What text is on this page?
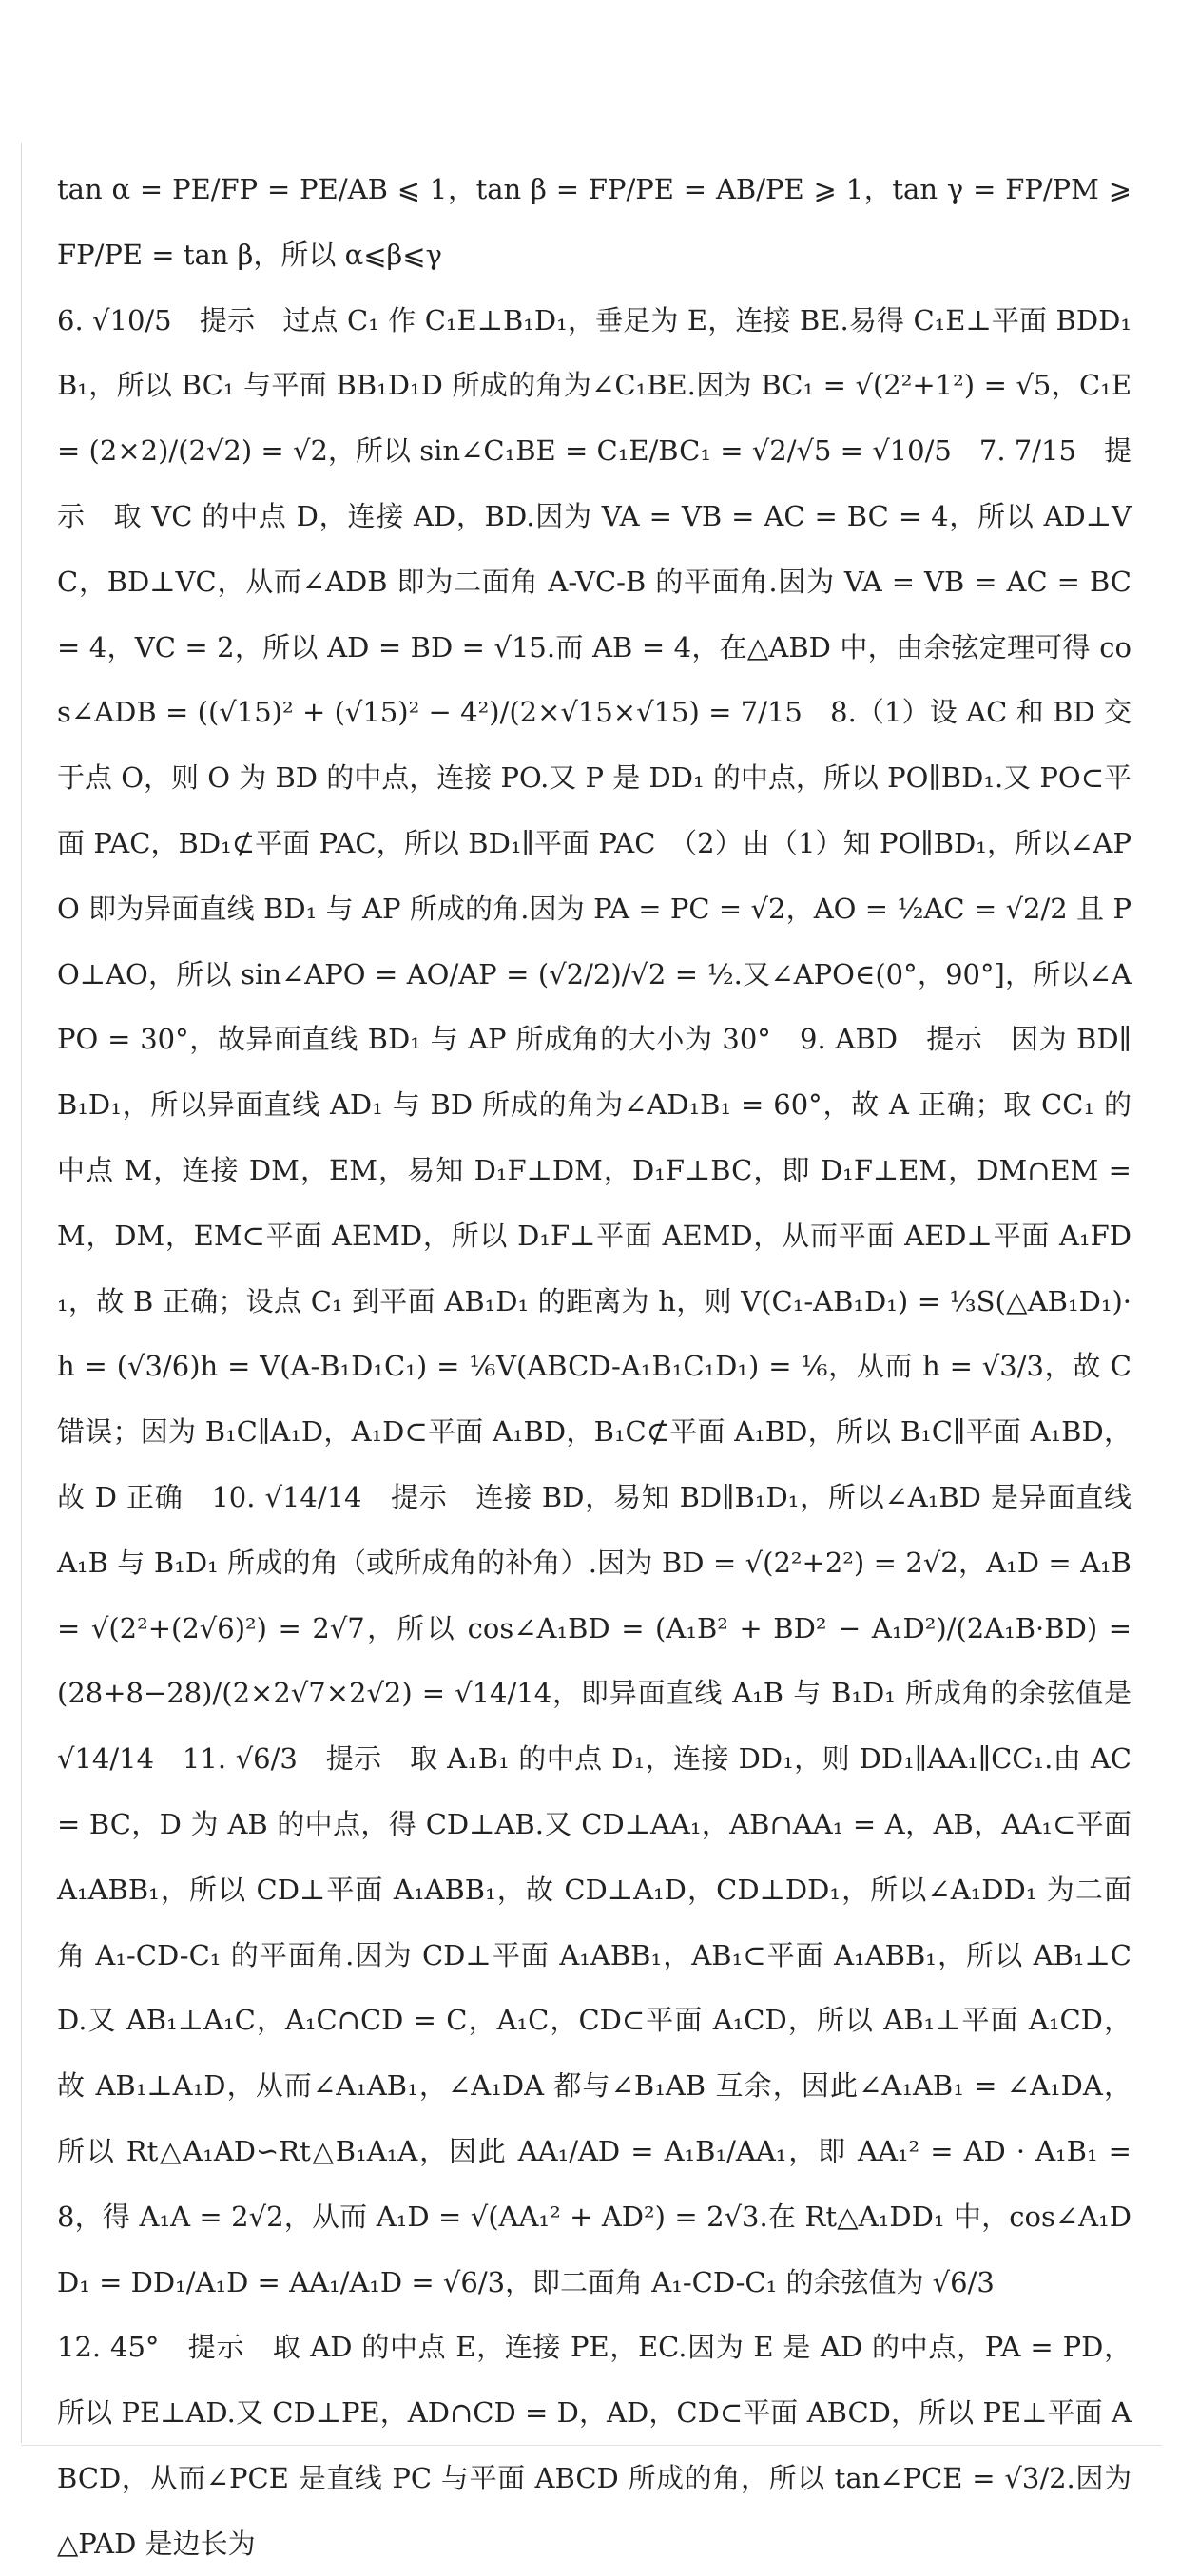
tan α = PE/FP = PE/AB ⩽ 1，tan β = FP/PE = AB/PE ⩾ 1，tan γ = FP/PM ⩾ FP/PE = tan β，所以 α⩽β⩽γ

6. √10/5　提示　过点 C₁ 作 C₁E⊥B₁D₁，垂足为 E，连接 BE.易得 C₁E⊥平面 BDD₁B₁，所以 BC₁ 与平面 BB₁D₁D 所成的角为∠C₁BE.因为 BC₁ = √(2²+1²) = √5，C₁E = (2×2)/(2√2) = √2，所以 sin∠C₁BE = C₁E/BC₁ = √2/√5 = √10/5　7. 7/15　提示　取 VC 的中点 D，连接 AD，BD.因为 VA = VB = AC = BC = 4，所以 AD⊥VC，BD⊥VC，从而∠ADB 即为二面角 A-VC-B 的平面角.因为 VA = VB = AC = BC = 4，VC = 2，所以 AD = BD = √15.而 AB = 4，在△ABD 中，由余弦定理可得 cos∠ADB = ((√15)² + (√15)² − 4²)/(2×√15×√15) = 7/15　8.（1）设 AC 和 BD 交于点 O，则 O 为 BD 的中点，连接 PO.又 P 是 DD₁ 的中点，所以 PO∥BD₁.又 PO⊂平面 PAC，BD₁⊄平面 PAC，所以 BD₁∥平面 PAC　（2）由（1）知 PO∥BD₁，所以∠APO 即为异面直线 BD₁ 与 AP 所成的角.因为 PA = PC = √2，AO = ½AC = √2/2 且 PO⊥AO，所以 sin∠APO = AO/AP = (√2/2)/√2 = ½.又∠APO∈(0°，90°]，所以∠APO = 30°，故异面直线 BD₁ 与 AP 所成角的大小为 30°　9. ABD　提示　因为 BD∥B₁D₁，所以异面直线 AD₁ 与 BD 所成的角为∠AD₁B₁ = 60°，故 A 正确；取 CC₁ 的中点 M，连接 DM，EM，易知 D₁F⊥DM，D₁F⊥BC，即 D₁F⊥EM，DM∩EM = M，DM，EM⊂平面 AEMD，所以 D₁F⊥平面 AEMD，从而平面 AED⊥平面 A₁FD₁，故 B 正确；设点 C₁ 到平面 AB₁D₁ 的距离为 h，则 V(C₁-AB₁D₁) = ⅓S(△AB₁D₁)·h = (√3/6)h = V(A-B₁D₁C₁) = ⅙V(ABCD-A₁B₁C₁D₁) = ⅙，从而 h = √3/3，故 C 错误；因为 B₁C∥A₁D，A₁D⊂平面 A₁BD，B₁C⊄平面 A₁BD，所以 B₁C∥平面 A₁BD，故 D 正确　10. √14/14　提示　连接 BD，易知 BD∥B₁D₁，所以∠A₁BD 是异面直线 A₁B 与 B₁D₁ 所成的角（或所成角的补角）.因为 BD = √(2²+2²) = 2√2，A₁D = A₁B = √(2²+(2√6)²) = 2√7，所以 cos∠A₁BD = (A₁B² + BD² − A₁D²)/(2A₁B·BD) = (28+8−28)/(2×2√7×2√2) = √14/14，即异面直线 A₁B 与 B₁D₁ 所成角的余弦值是 √14/14　11. √6/3　提示　取 A₁B₁ 的中点 D₁，连接 DD₁，则 DD₁∥AA₁∥CC₁.由 AC = BC，D 为 AB 的中点，得 CD⊥AB.又 CD⊥AA₁，AB∩AA₁ = A，AB，AA₁⊂平面 A₁ABB₁，所以 CD⊥平面 A₁ABB₁，故 CD⊥A₁D，CD⊥DD₁，所以∠A₁DD₁ 为二面角 A₁-CD-C₁ 的平面角.因为 CD⊥平面 A₁ABB₁，AB₁⊂平面 A₁ABB₁，所以 AB₁⊥CD.又 AB₁⊥A₁C，A₁C∩CD = C，A₁C，CD⊂平面 A₁CD，所以 AB₁⊥平面 A₁CD，故 AB₁⊥A₁D，从而∠A₁AB₁，∠A₁DA 都与∠B₁AB 互余，因此∠A₁AB₁ = ∠A₁DA，所以 Rt△A₁AD∽Rt△B₁A₁A，因此 AA₁/AD = A₁B₁/AA₁，即 AA₁² = AD · A₁B₁ = 8，得 A₁A = 2√2，从而 A₁D = √(AA₁² + AD²) = 2√3.在 Rt△A₁DD₁ 中，cos∠A₁DD₁ = DD₁/A₁D = AA₁/A₁D = √6/3，即二面角 A₁-CD-C₁ 的余弦值为 √6/3

12. 45°　提示　取 AD 的中点 E，连接 PE，EC.因为 E 是 AD 的中点，PA = PD，所以 PE⊥AD.又 CD⊥PE，AD∩CD = D，AD，CD⊂平面 ABCD，所以 PE⊥平面 ABCD，从而∠PCE 是直线 PC 与平面 ABCD 所成的角，所以 tan∠PCE = √3/2.因为△PAD 是边长为
